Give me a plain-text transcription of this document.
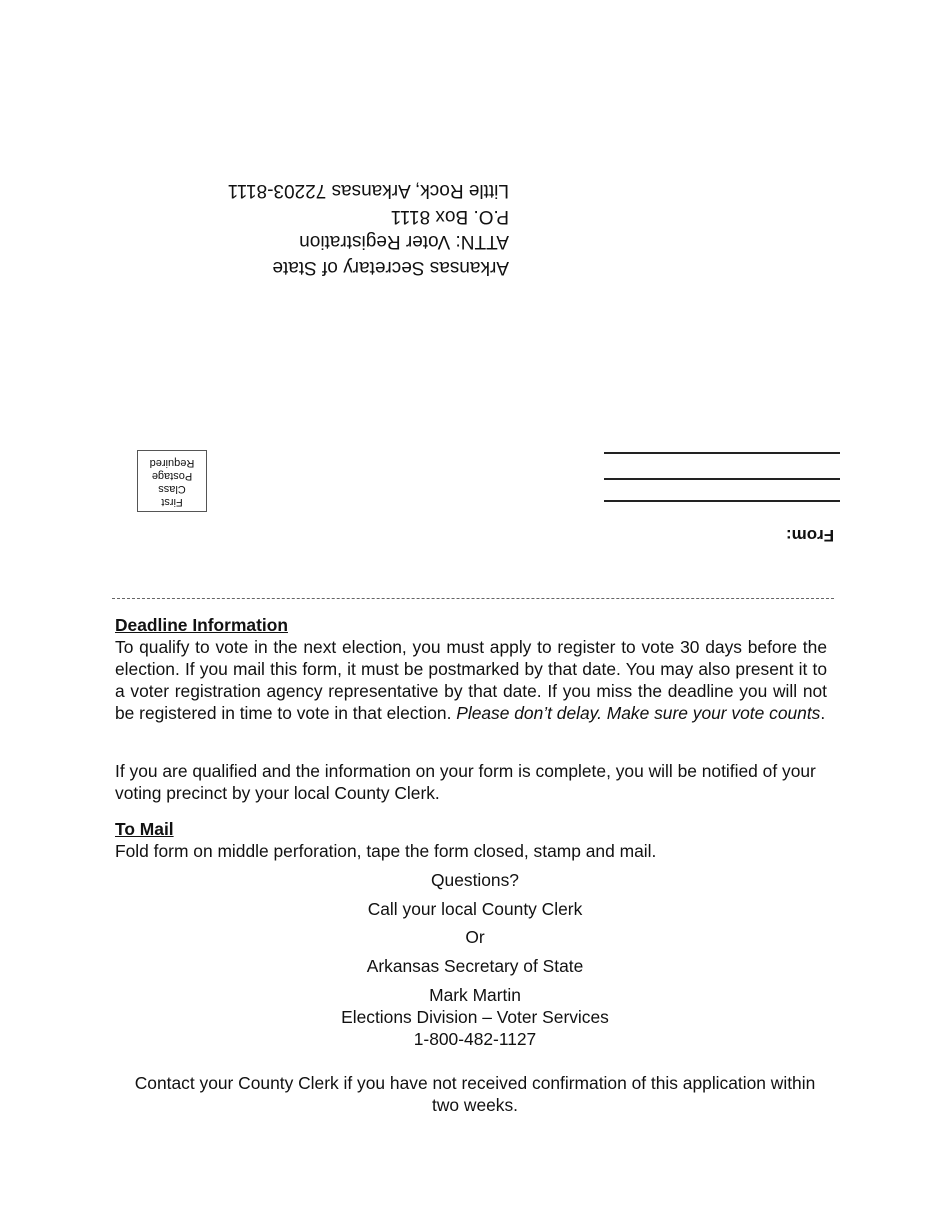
Arkansas Secretary of State
ATTN: Voter Registration
P.O. Box 8111
Little Rock, Arkansas 72203-8111
First
Class
Postage
Required
From:
Deadline Information
To qualify to vote in the next election, you must apply to register to vote 30 days before the election. If you mail this form, it must be postmarked by that date. You may also present it to a voter registration agency representative by that date. If you miss the deadline you will not be registered in time to vote in that election. Please don’t delay. Make sure your vote counts.
If you are qualified and the information on your form is complete, you will be notified of your voting precinct by your local County Clerk.
To Mail
Fold form on middle perforation, tape the form closed, stamp and mail.
Questions?
Call your local County Clerk
Or
Arkansas Secretary of State
Mark Martin
Elections Division – Voter Services
1-800-482-1127
Contact your County Clerk if you have not received confirmation of this application within two weeks.
